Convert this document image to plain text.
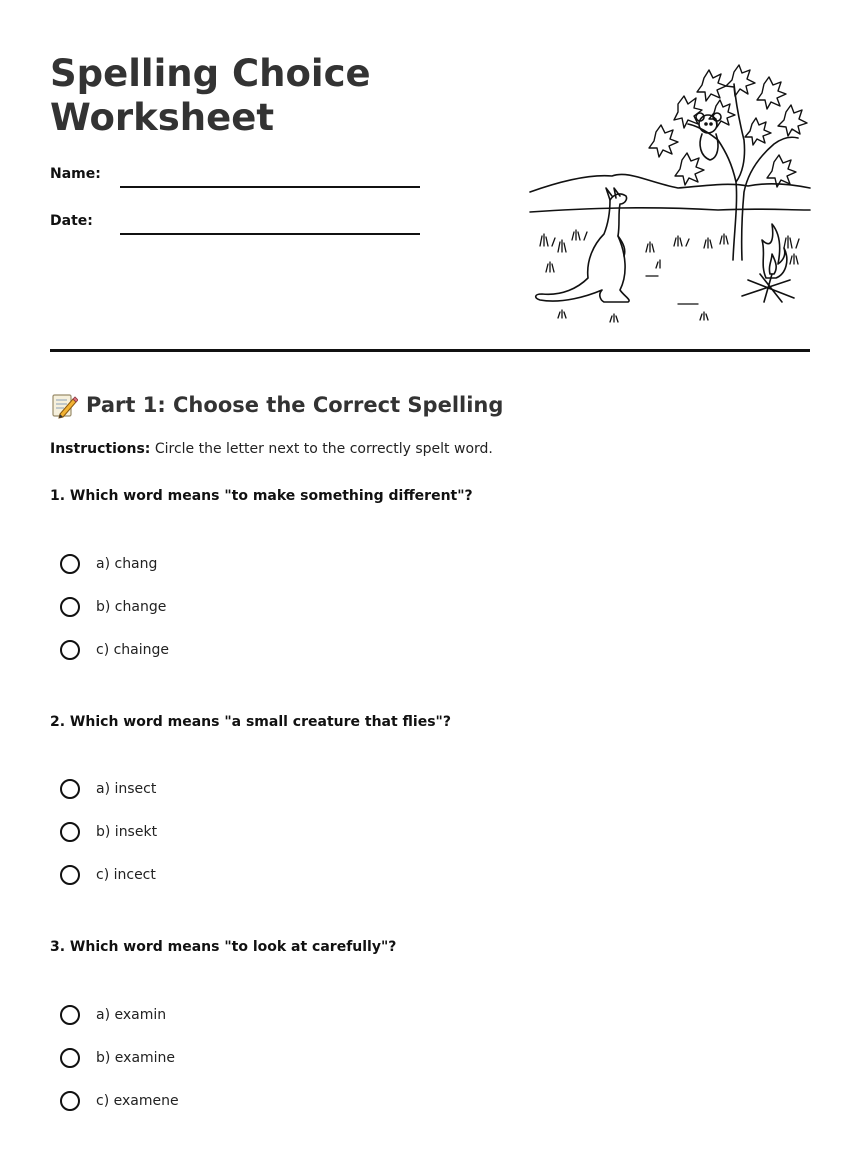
Spelling Choice
Worksheet
Name:
Date:
Part 1: Choose the Correct Spelling
Instructions: Circle the letter next to the correctly spelt word.
1. Which word means "to make something different"?
a) chang
b) change
c) chainge
2. Which word means "a small creature that flies"?
a) insect
b) insekt
c) incect
3. Which word means "to look at carefully"?
a) examin
b) examine
c) examene
